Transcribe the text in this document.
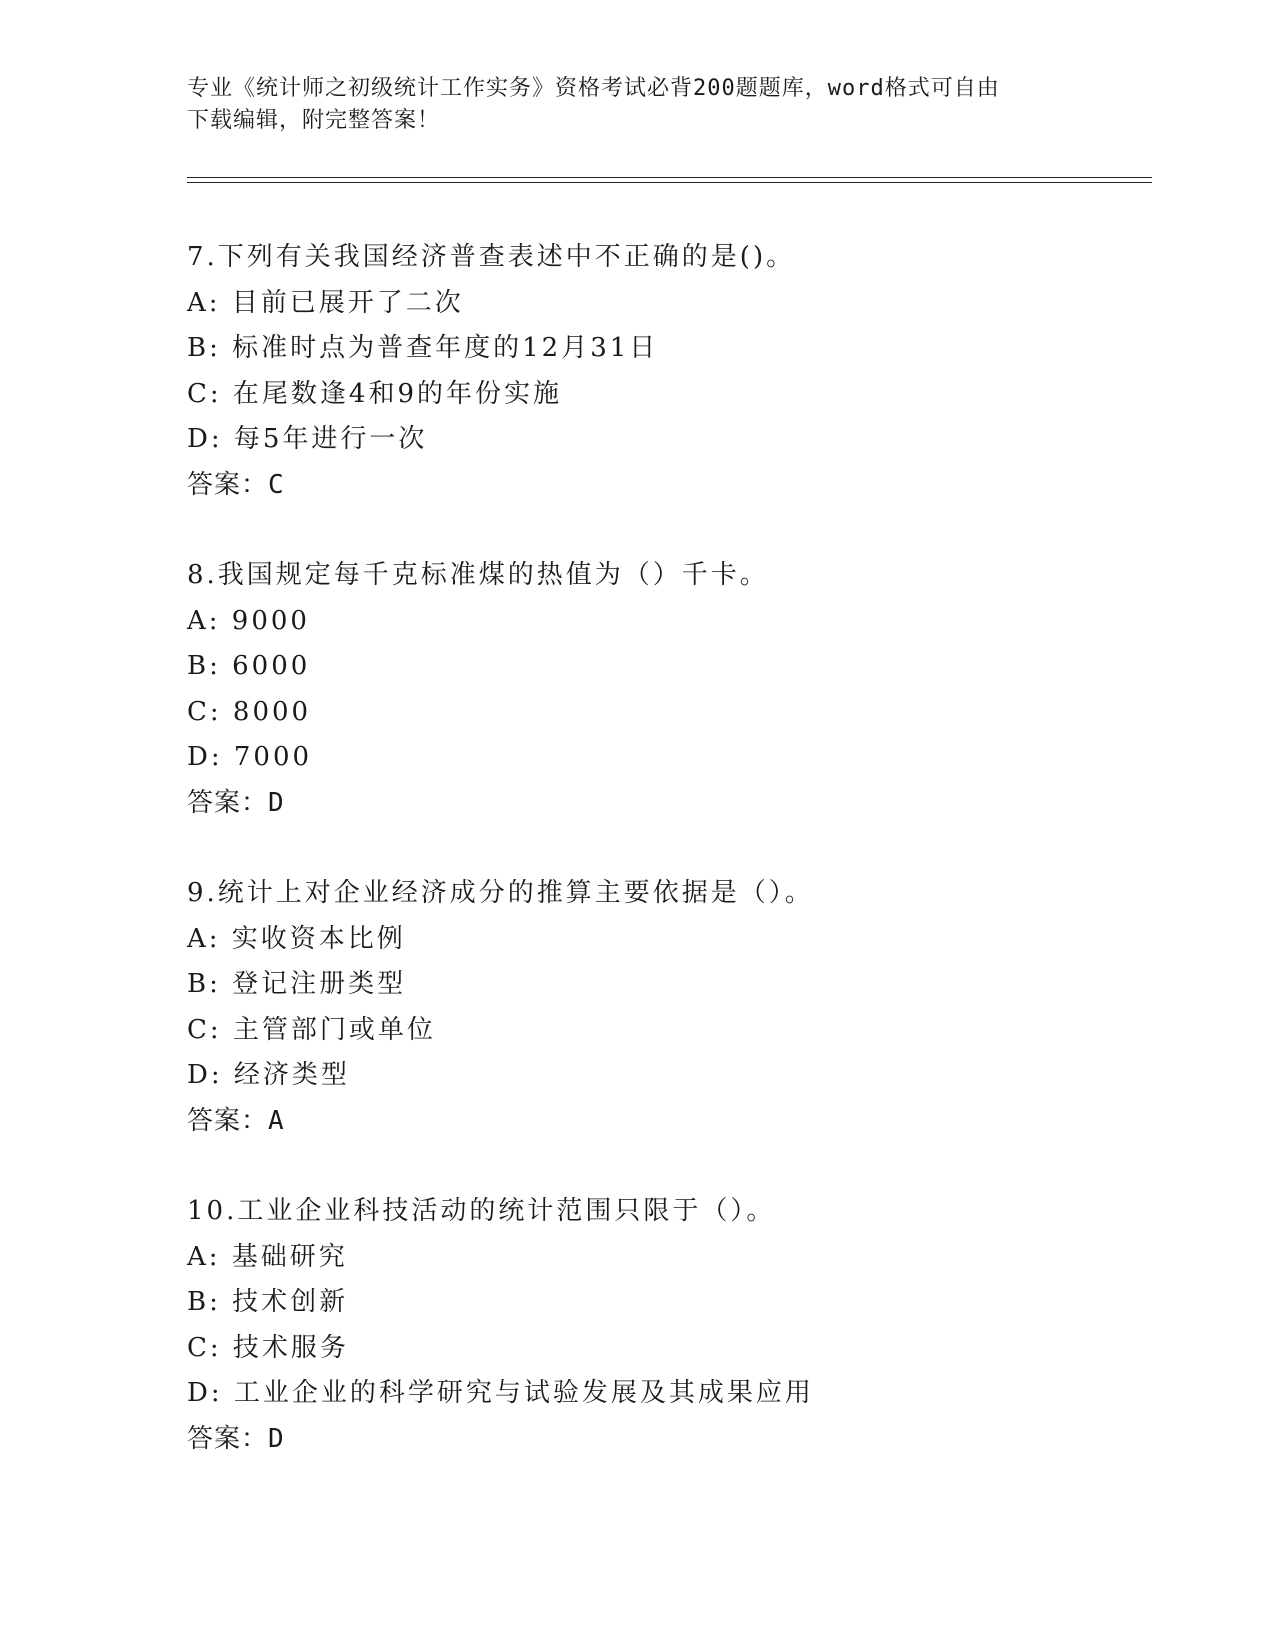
专业《统计师之初级统计工作实务》资格考试必背200题题库，word格式可自由
下载编辑，附完整答案！
7.下列有关我国经济普查表述中不正确的是()。
A: 目前已展开了二次
B: 标准时点为普查年度的12月31日
C: 在尾数逢4和9的年份实施
D: 每5年进行一次
答案：C
8.我国规定每千克标准煤的热值为（）千卡。
A: 9000
B: 6000
C: 8000
D: 7000
答案：D
9.统计上对企业经济成分的推算主要依据是（）。
A: 实收资本比例
B: 登记注册类型
C: 主管部门或单位
D: 经济类型
答案：A
10.工业企业科技活动的统计范围只限于（）。
A: 基础研究
B: 技术创新
C: 技术服务
D: 工业企业的科学研究与试验发展及其成果应用
答案：D
